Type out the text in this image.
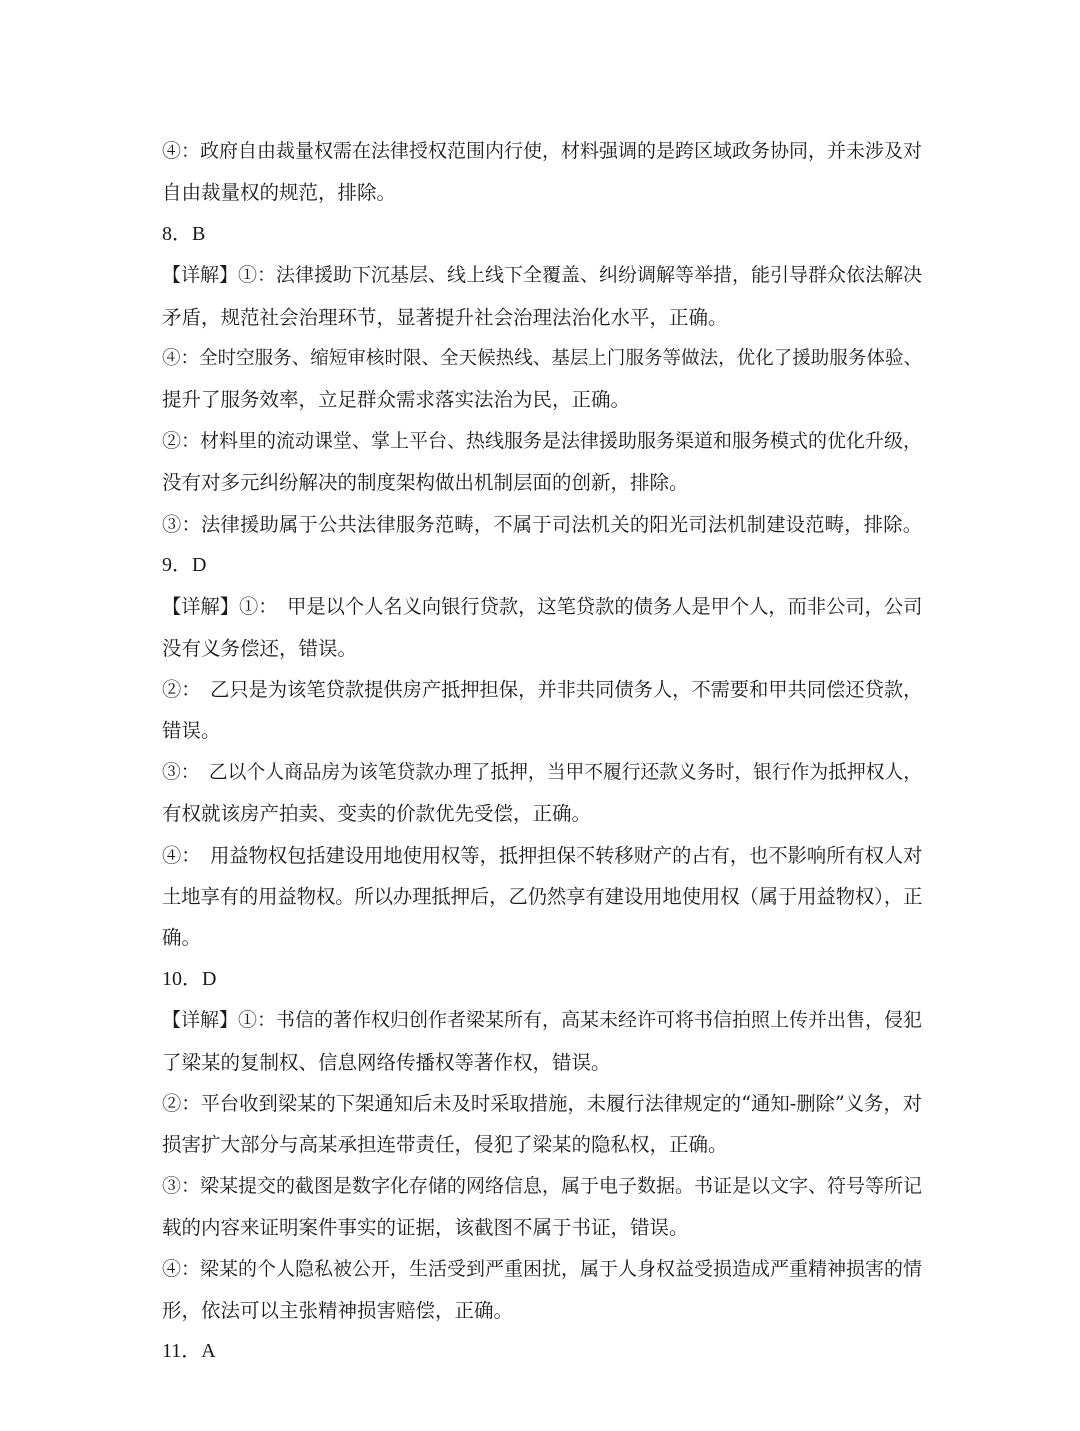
④：政府自由裁量权需在法律授权范围内行使，材料强调的是跨区域政务协同，并未涉及对
自由裁量权的规范，排除。
8．B
【详解】①：法律援助下沉基层、线上线下全覆盖、纠纷调解等举措，能引导群众依法解决
矛盾，规范社会治理环节，显著提升社会治理法治化水平，正确。
④：全时空服务、缩短审核时限、全天候热线、基层上门服务等做法，优化了援助服务体验、
提升了服务效率，立足群众需求落实法治为民，正确。
②：材料里的流动课堂、掌上平台、热线服务是法律援助服务渠道和服务模式的优化升级，
没有对多元纠纷解决的制度架构做出机制层面的创新，排除。
③：法律援助属于公共法律服务范畴，不属于司法机关的阳光司法机制建设范畴，排除。
9．D
【详解】①：　甲是以个人名义向银行贷款，这笔贷款的债务人是甲个人，而非公司，公司
没有义务偿还，错误。
②：　乙只是为该笔贷款提供房产抵押担保，并非共同债务人，不需要和甲共同偿还贷款，
错误。
③：　乙以个人商品房为该笔贷款办理了抵押，当甲不履行还款义务时，银行作为抵押权人，
有权就该房产拍卖、变卖的价款优先受偿，正确。
④：　用益物权包括建设用地使用权等，抵押担保不转移财产的占有，也不影响所有权人对
土地享有的用益物权。所以办理抵押后，乙仍然享有建设用地使用权（属于用益物权），正
确。
10．D
【详解】①：书信的著作权归创作者梁某所有，高某未经许可将书信拍照上传并出售，侵犯
了梁某的复制权、信息网络传播权等著作权，错误。
②：平台收到梁某的下架通知后未及时采取措施，未履行法律规定的“通知-删除”义务，对
损害扩大部分与高某承担连带责任，侵犯了梁某的隐私权，正确。
③：梁某提交的截图是数字化存储的网络信息，属于电子数据。书证是以文字、符号等所记
载的内容来证明案件事实的证据，该截图不属于书证，错误。
④：梁某的个人隐私被公开，生活受到严重困扰，属于人身权益受损造成严重精神损害的情
形，依法可以主张精神损害赔偿，正确。
11．A
